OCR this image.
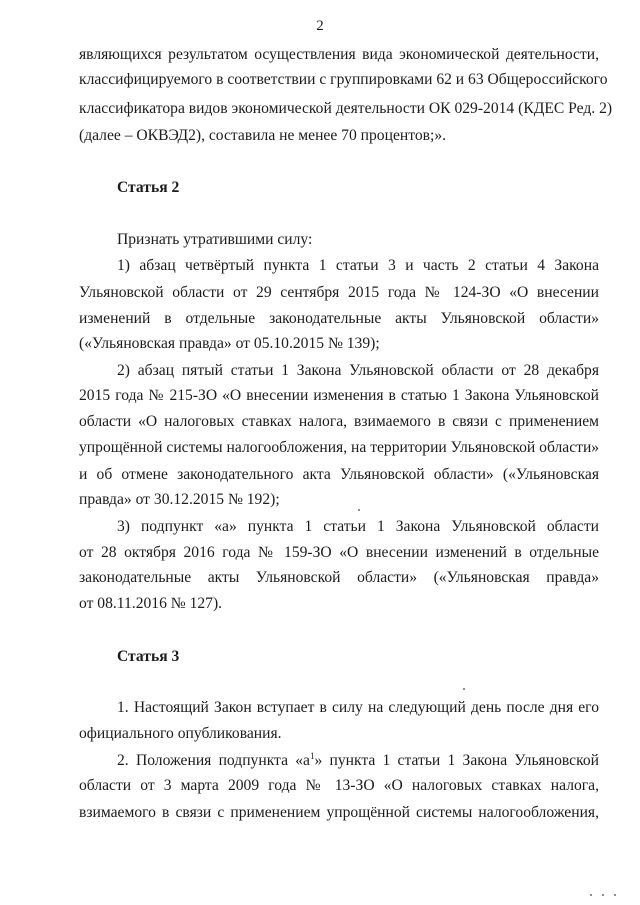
2
являющихся результатом осуществления вида экономической деятельности,
классифицируемого в соответствии с группировками 62 и 63 Общероссийского
классификатора видов экономической деятельности ОК 029-2014 (КДЕС Ред. 2)
(далее – ОКВЭД2), составила не менее 70 процентов;».
Статья 2
Признать утратившими силу:
1) абзац четвёртый пункта 1 статьи 3 и часть 2 статьи 4 Закона
Ульяновской области от 29 сентября 2015 года № 124-ЗО «О внесении
изменений в отдельные законодательные акты Ульяновской области»
(«Ульяновская правда» от 05.10.2015 № 139);
2) абзац пятый статьи 1 Закона Ульяновской области от 28 декабря
2015 года № 215-ЗО «О внесении изменения в статью 1 Закона Ульяновской
области «О налоговых ставках налога, взимаемого в связи с применением
упрощённой системы налогообложения, на территории Ульяновской области»
и об отмене законодательного акта Ульяновской области» («Ульяновская
правда» от 30.12.2015 № 192);
3) подпункт «а» пункта 1 статьи 1 Закона Ульяновской области
от 28 октября 2016 года № 159-ЗО «О внесении изменений в отдельные
законодательные акты Ульяновской области» («Ульяновская правда»
от 08.11.2016 № 127).
Статья 3
1. Настоящий Закон вступает в силу на следующий день после дня его
официального опубликования.
2. Положения подпункта «$а^1$» пункта 1 статьи 1 Закона Ульяновской
области от 3 марта 2009 года № 13-ЗО «О налоговых ставках налога,
взимаемого в связи с применением упрощённой системы налогообложения,
